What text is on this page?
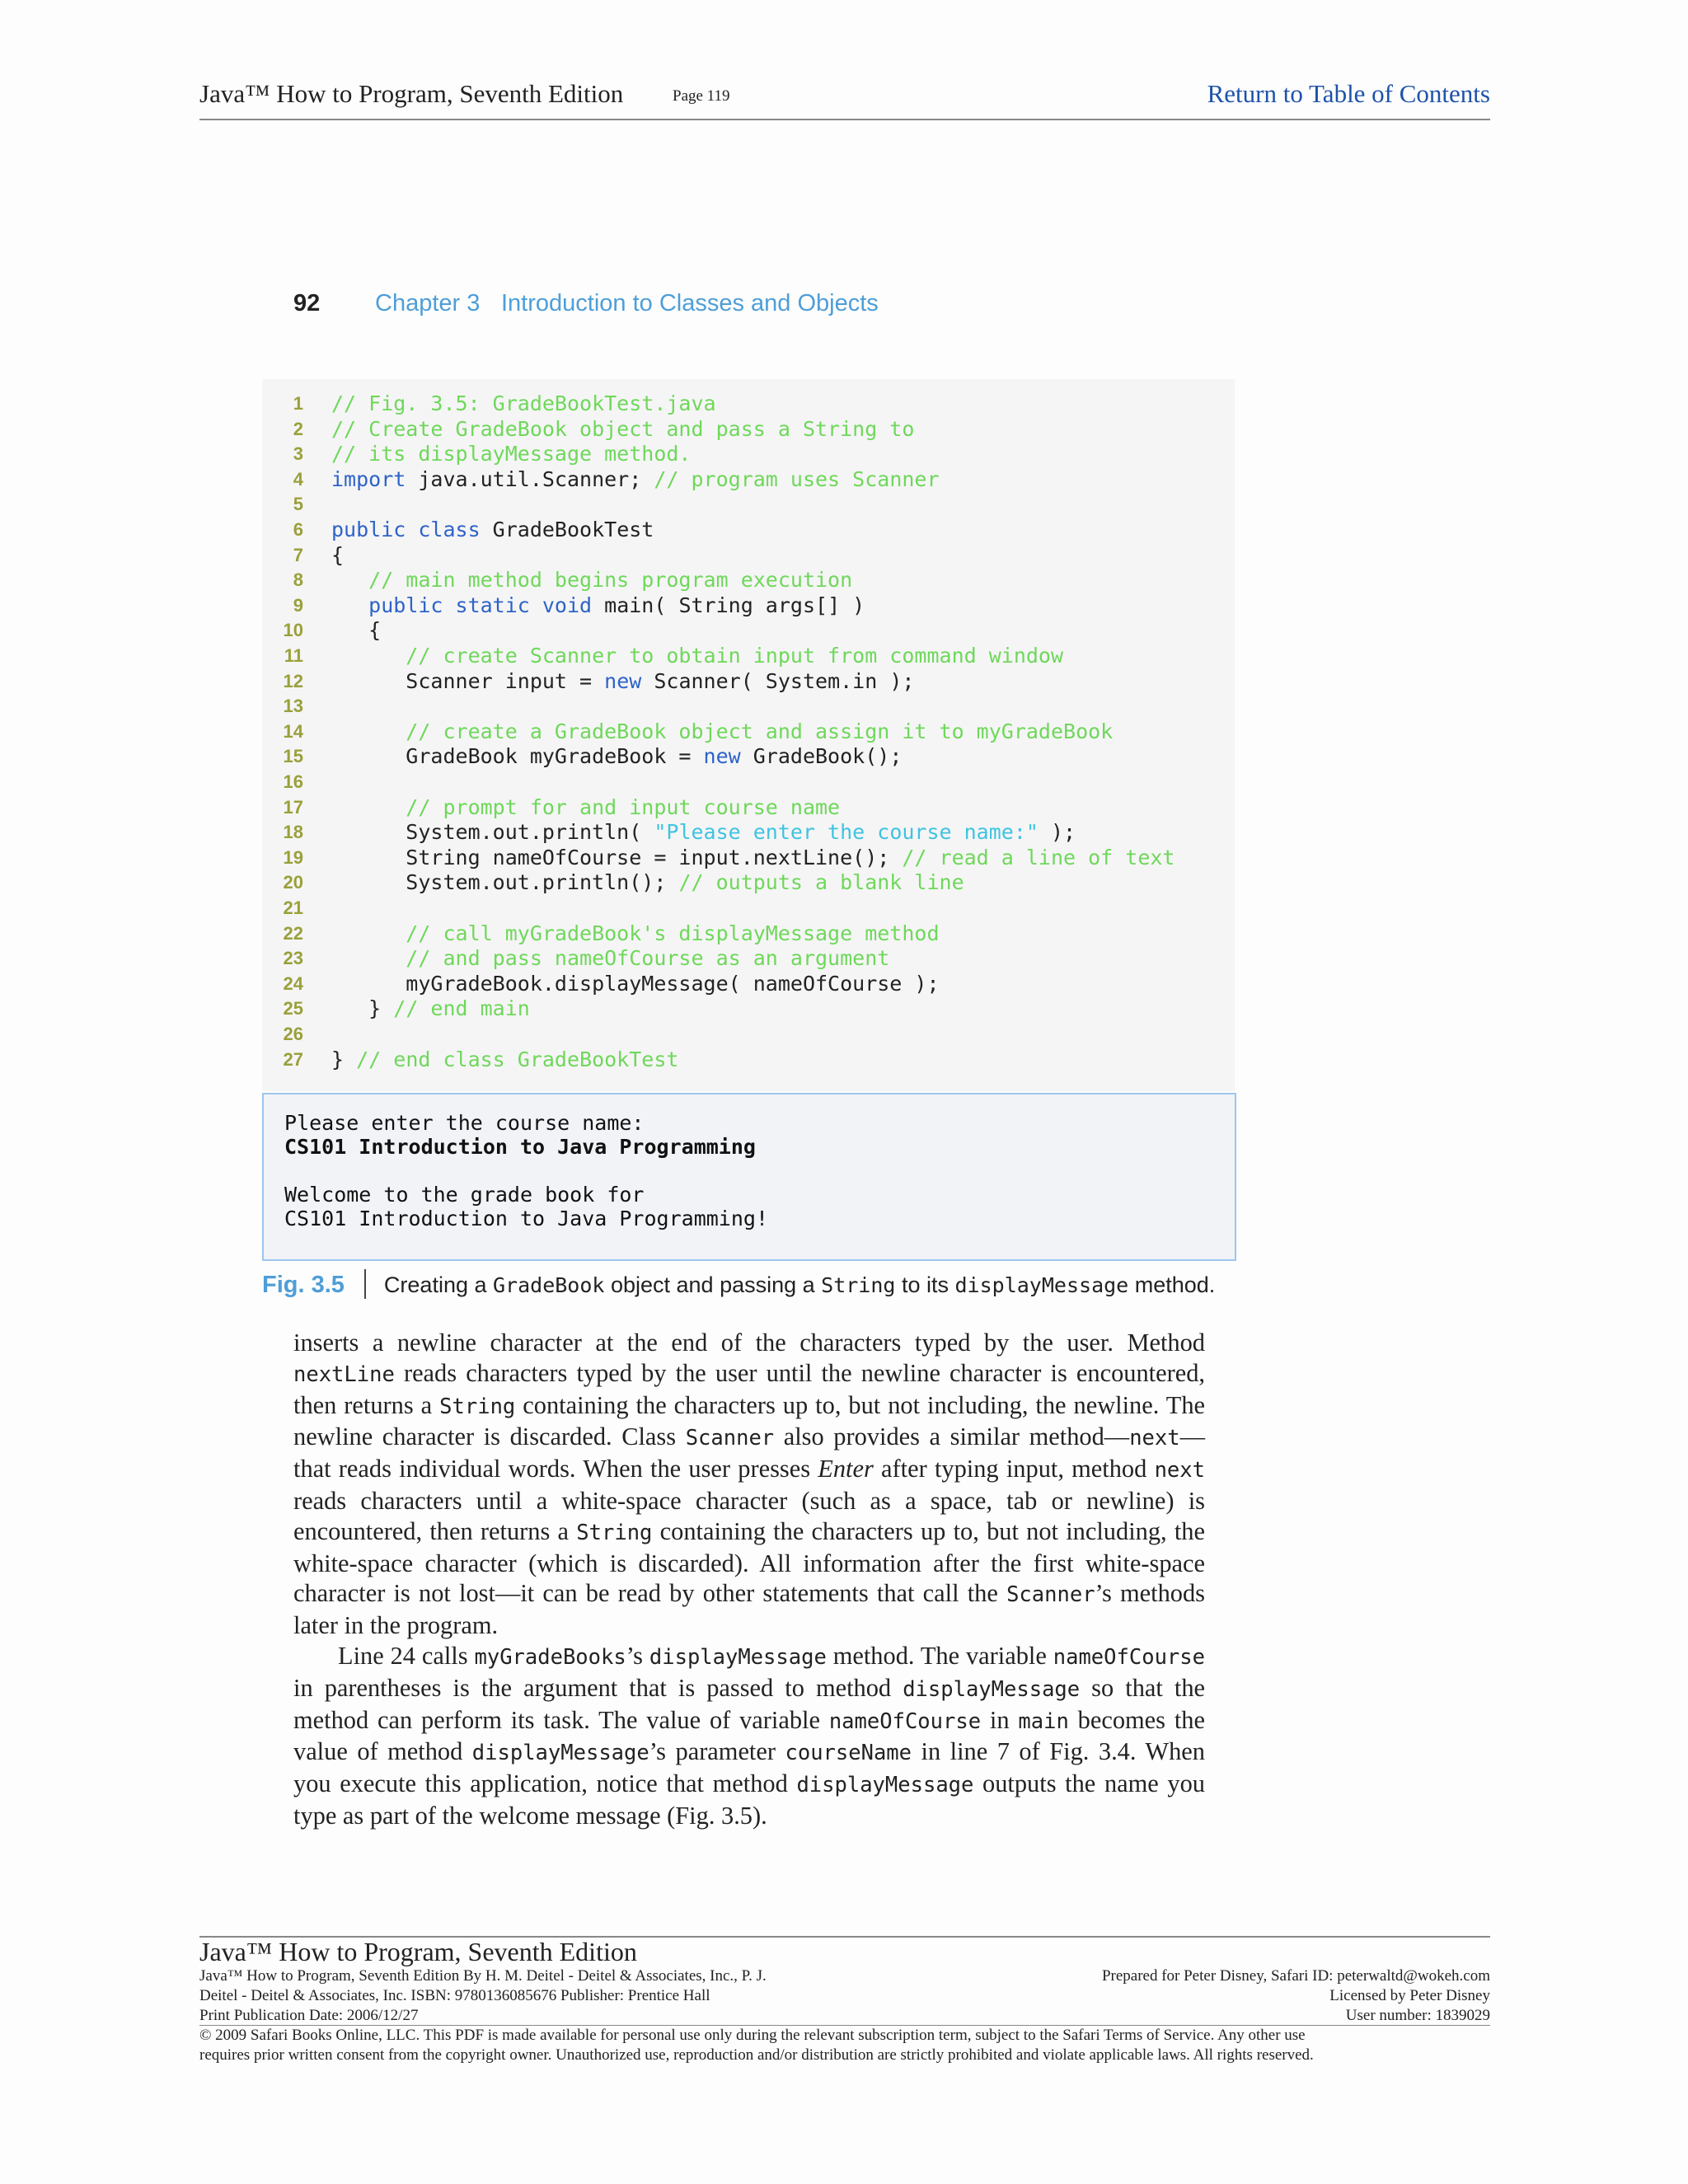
Java™ How to Program, Seventh Edition	Page 119	Return to Table of Contents
92 Chapter 3 Introduction to Classes and Objects
1 // Fig. 3.5: GradeBookTest.java
2 // Create GradeBook object and pass a String to
3 // its displayMessage method.
4 import java.util.Scanner; // program uses Scanner
5
6 public class GradeBookTest
7 {
8 // main method begins program execution
9	public static void main( String args[] )
10 {
11 // create Scanner to obtain input from command window
12 Scanner input = new Scanner( System.in );
13
14 // create a GradeBook object and assign it to myGradeBook
15 GradeBook myGradeBook = new GradeBook();
16
17 // prompt for and input course name
18 System.out.println( "Please enter the course name:" );
19 String nameOfCourse = input.nextLine(); // read a line of text
20 System.out.println(); // outputs a blank line
21
22 // call myGradeBook's displayMessage method
23 // and pass nameOfCourse as an argument
24 myGradeBook.displayMessage( nameOfCourse );
25 } // end main
26
27 } // end class GradeBookTest
Please enter the course name:
CS101 Introduction to Java Programming
Welcome to the grade book for
CS101 Introduction to Java Programming!
Fig. 3.5 Creating a GradeBook object and passing a String to its displayMessage method.

inserts a newline character at the end of the characters typed by the user. Method nextLine reads characters typed by the user until the newline character is encountered, then returns a String containing the characters up to, but not including, the newline. The newline character is discarded. Class Scanner also provides a similar method—next—that reads individual words. When the user presses Enter after typing input, method next reads characters until a white-space character (such as a space, tab or newline) is encountered, then returns a String containing the characters up to, but not including, the white-space character (which is discarded). All information after the first white-space character is not lost—it can be read by other statements that call the Scanner’s methods later in the program.

Line 24 calls myGradeBooks’s displayMessage method. The variable nameOfCourse in parentheses is the argument that is passed to method displayMessage so that the method can perform its task. The value of variable nameOfCourse in main becomes the value of method displayMessage’s parameter courseName in line 7 of Fig. 3.4. When you execute this application, notice that method displayMessage outputs the name you type as part of the welcome message (Fig. 3.5).

Java™ How to Program, Seventh Edition
Java™ How to Program, Seventh Edition By H. M. Deitel - Deitel & Associates, Inc., P. J.
Deitel - Deitel & Associates, Inc. ISBN: 9780136085676 Publisher: Prentice Hall
Print Publication Date: 2006/12/27
Prepared for Peter Disney, Safari ID: peterwaltd@wokeh.com
Licensed by Peter Disney
User number: 1839029
© 2009 Safari Books Online, LLC. This PDF is made available for personal use only during the relevant subscription term, subject to the Safari Terms of Service. Any other use
requires prior written consent from the copyright owner. Unauthorized use, reproduction and/or distribution are strictly prohibited and violate applicable laws. All rights reserved.
